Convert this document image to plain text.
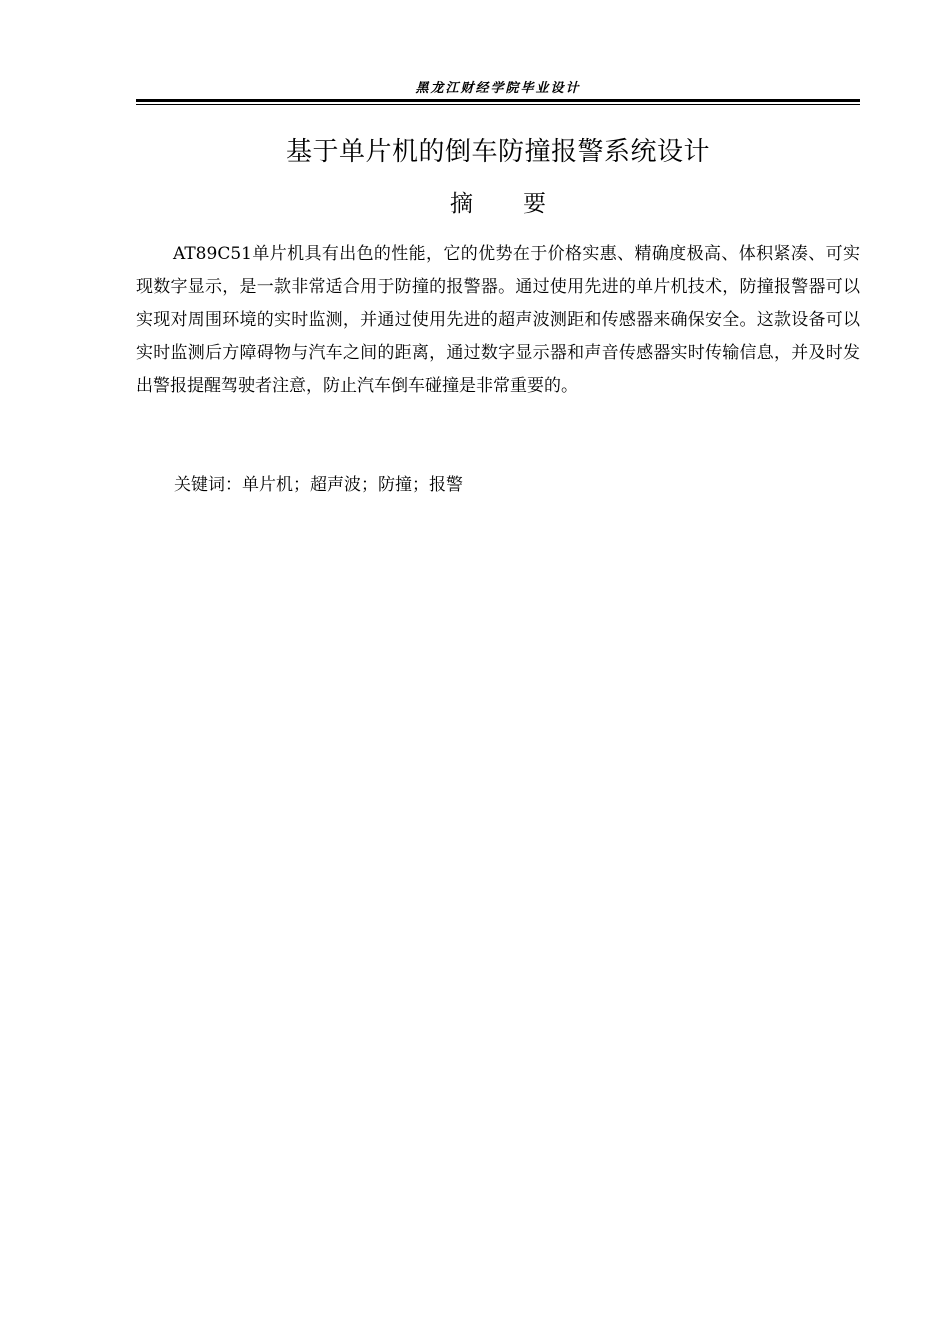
黑龙江财经学院毕业设计
基于单片机的倒车防撞报警系统设计
摘 要

AT89C51单片机具有出色的性能，它的优势在于价格实惠、精确度极高、体积紧凑、可实现数字显示，是一款非常适合用于防撞的报警器。通过使用先进的单片机技术，防撞报警器可以实现对周围环境的实时监测，并通过使用先进的超声波测距和传感器来确保安全。这款设备可以实时监测后方障碍物与汽车之间的距离，通过数字显示器和声音传感器实时传输信息，并及时发出警报提醒驾驶者注意，防止汽车倒车碰撞是非常重要的。

关键词：单片机；超声波；防撞；报警
